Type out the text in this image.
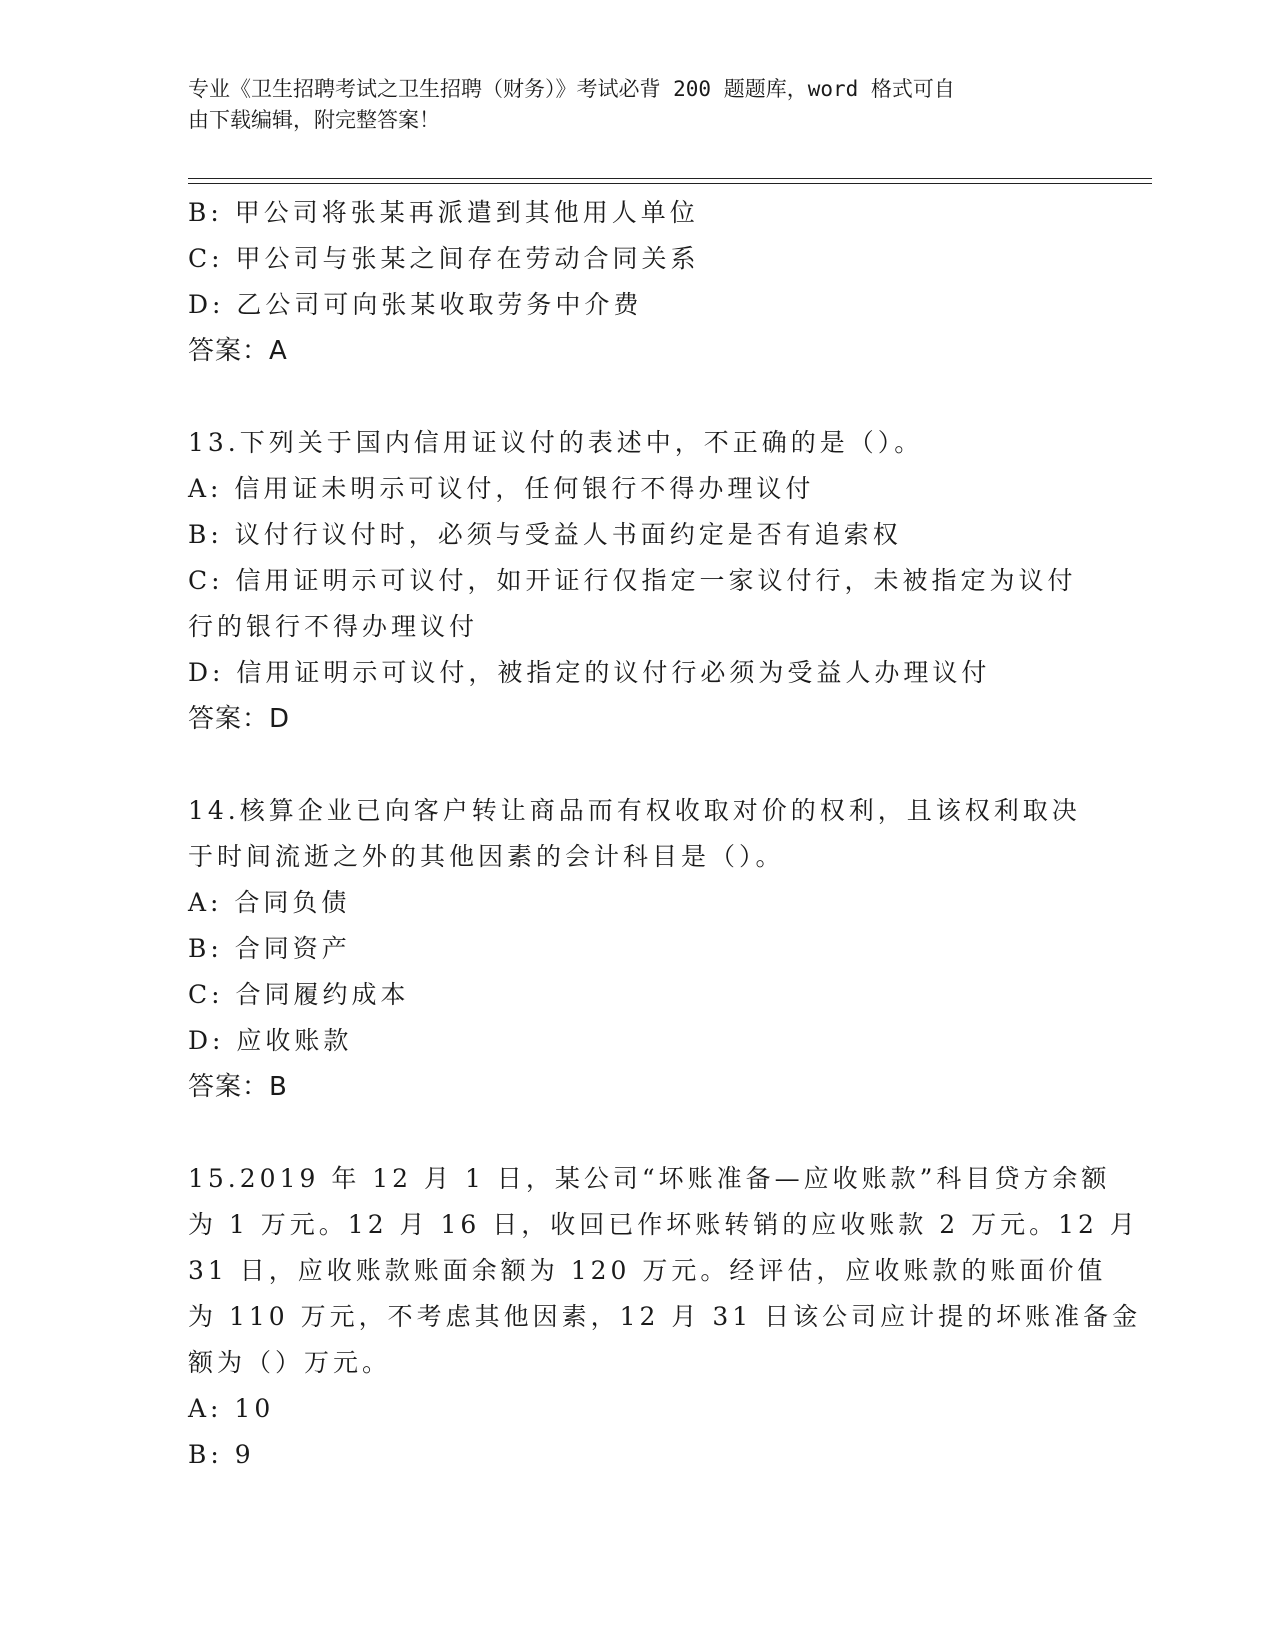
专业《卫生招聘考试之卫生招聘（财务）》考试必背 200 题题库，word 格式可自
由下载编辑，附完整答案！
B: 甲公司将张某再派遣到其他用人单位
C: 甲公司与张某之间存在劳动合同关系
D: 乙公司可向张某收取劳务中介费
答案：A
13.下列关于国内信用证议付的表述中，不正确的是（）。
A: 信用证未明示可议付，任何银行不得办理议付
B: 议付行议付时，必须与受益人书面约定是否有追索权
C: 信用证明示可议付，如开证行仅指定一家议付行，未被指定为议付
行的银行不得办理议付
D: 信用证明示可议付，被指定的议付行必须为受益人办理议付
答案：D
14.核算企业已向客户转让商品而有权收取对价的权利，且该权利取决
于时间流逝之外的其他因素的会计科目是（）。
A: 合同负债
B: 合同资产
C: 合同履约成本
D: 应收账款
答案：B
15.2019 年 12 月 1 日，某公司“坏账准备—应收账款”科目贷方余额
为 1 万元。12 月 16 日，收回已作坏账转销的应收账款 2 万元。12 月
31 日，应收账款账面余额为 120 万元。经评估，应收账款的账面价值
为 110 万元，不考虑其他因素，12 月 31 日该公司应计提的坏账准备金
额为（）万元。
A: 10
B: 9
